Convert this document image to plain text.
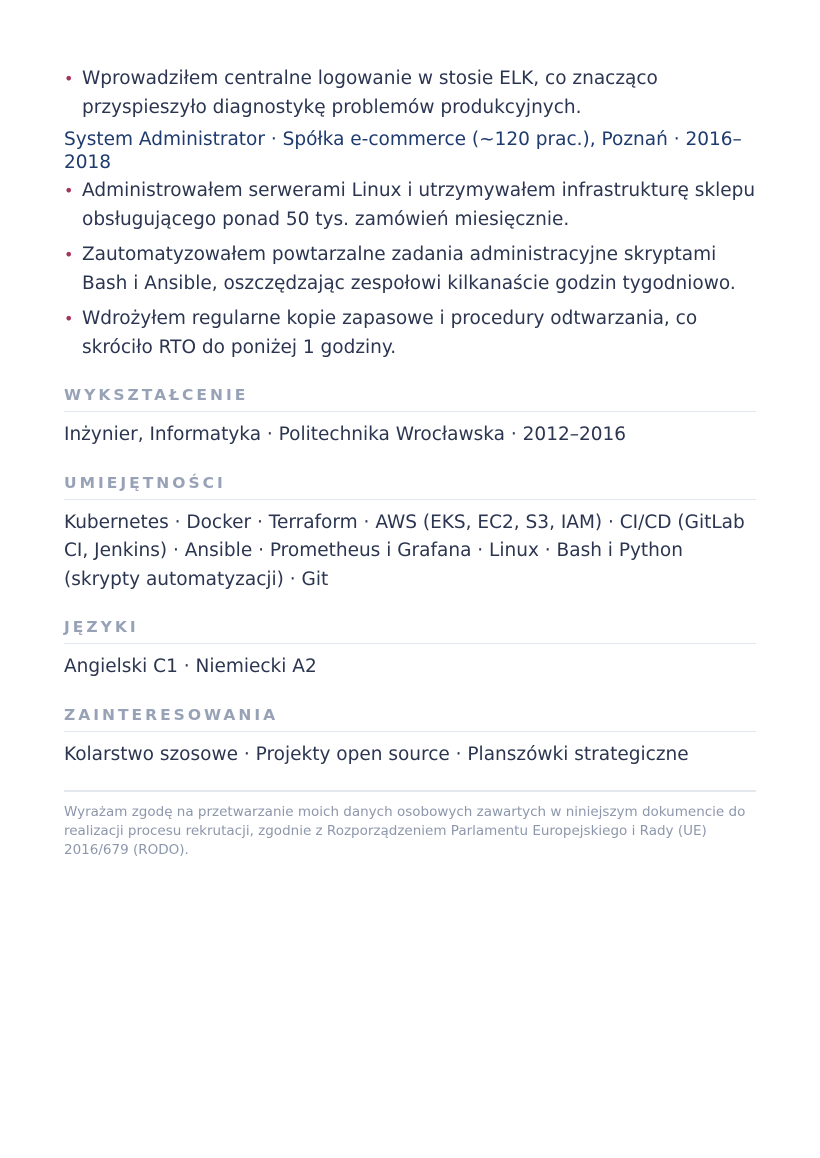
• Wprowadziłem centralne logowanie w stosie ELK, co znacząco przyspieszyło diagnostykę problemów produkcyjnych.
System Administrator · Spółka e-commerce (~120 prac.), Poznań · 2016–2018
• Administrowałem serwerami Linux i utrzymywałem infrastrukturę sklepu obsługującego ponad 50 tys. zamówień miesięcznie.
• Zautomatyzowałem powtarzalne zadania administracyjne skryptami Bash i Ansible, oszczędzając zespołowi kilkanaście godzin tygodniowo.
• Wdrożyłem regularne kopie zapasowe i procedury odtwarzania, co skróciło RTO do poniżej 1 godziny.
WYKSZTAŁCENIE
Inżynier, Informatyka · Politechnika Wrocławska · 2012–2016
UMIEJĘTNOŚCI
Kubernetes · Docker · Terraform · AWS (EKS, EC2, S3, IAM) · CI/CD (GitLab CI, Jenkins) · Ansible · Prometheus i Grafana · Linux · Bash i Python (skrypty automatyzacji) · Git
JĘZYKI
Angielski C1 · Niemiecki A2
ZAINTERESOWANIA
Kolarstwo szosowe · Projekty open source · Planszówki strategiczne
Wyrażam zgodę na przetwarzanie moich danych osobowych zawartych w niniejszym dokumencie do realizacji procesu rekrutacji, zgodnie z Rozporządzeniem Parlamentu Europejskiego i Rady (UE) 2016/679 (RODO).
